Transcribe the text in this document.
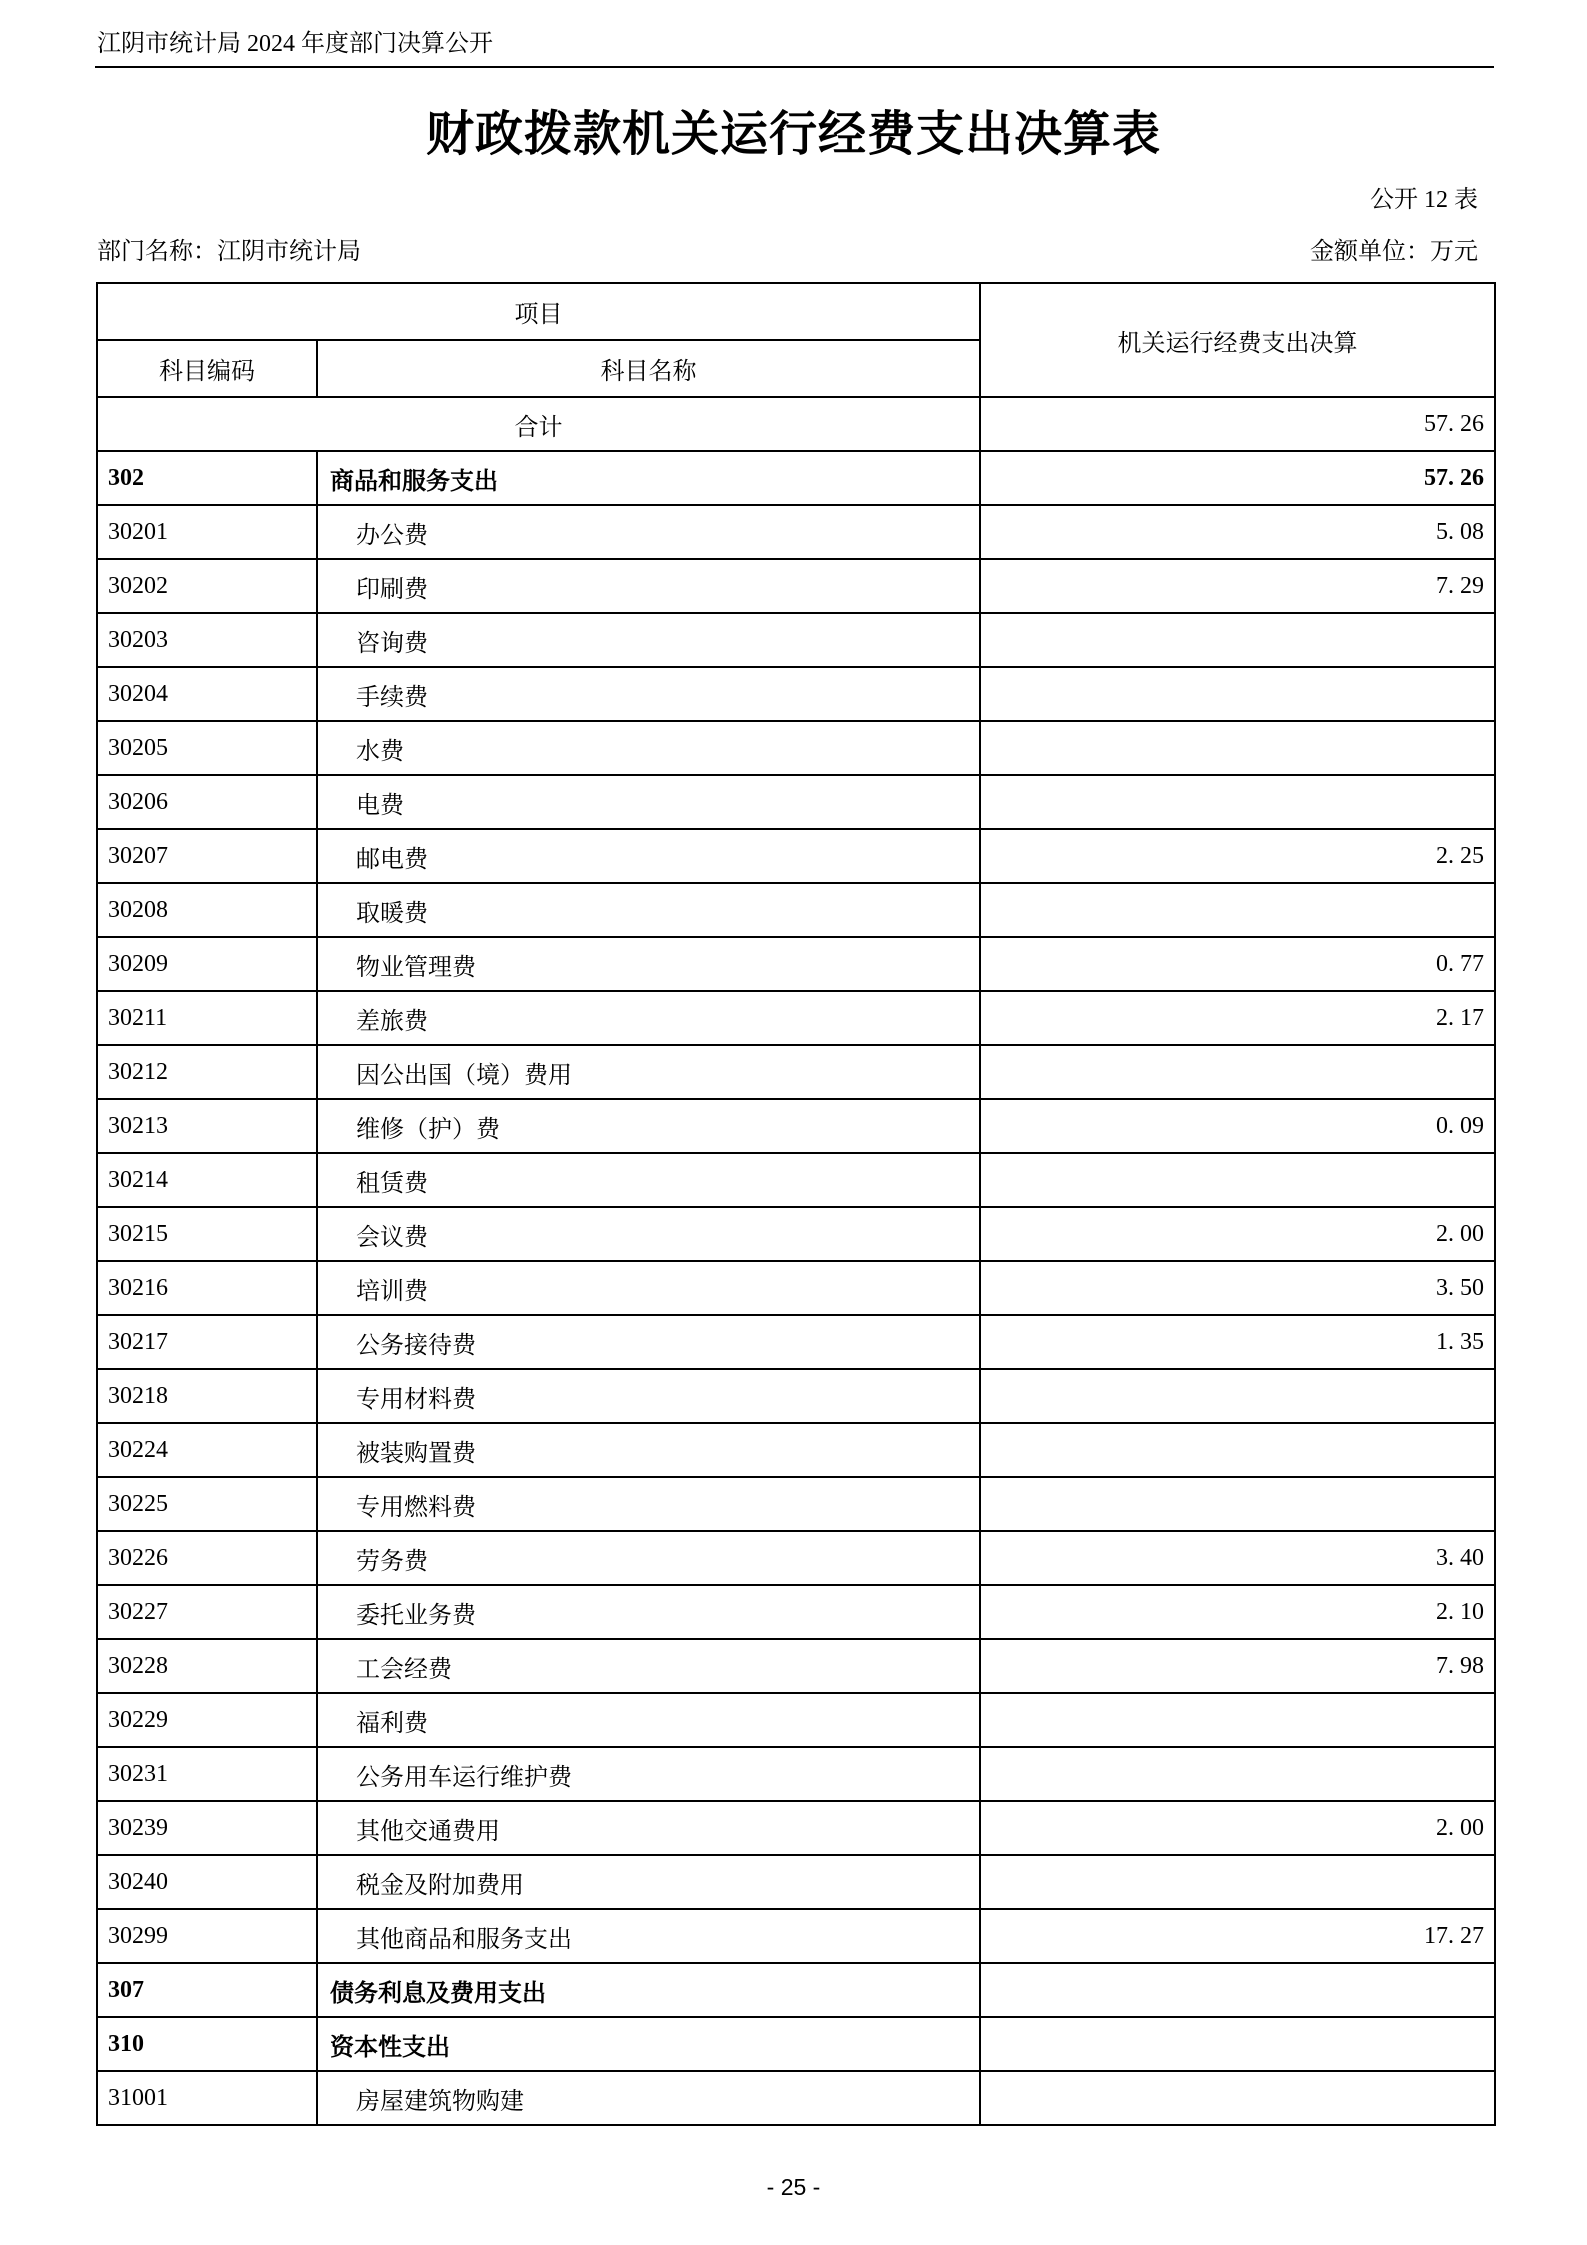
江阴市统计局 2024 年度部门决算公开
财政拨款机关运行经费支出决算表
公开 12 表
部门名称：江阴市统计局	金额单位：万元
项目		机关运行经费支出决算
科目编码	科目名称	
合计		57. 26
302	商品和服务支出	57. 26
30201	办公费	5. 08
30202	印刷费	7. 29
30203	咨询费	
30204	手续费	
30205	水费	
30206	电费	
30207	邮电费	2. 25
30208	取暖费	
30209	物业管理费	0. 77
30211	差旅费	2. 17
30212	因公出国（境）费用	
30213	维修（护）费	0. 09
30214	租赁费	
30215	会议费	2. 00
30216	培训费	3. 50
30217	公务接待费	1. 35
30218	专用材料费	
30224	被装购置费	
30225	专用燃料费	
30226	劳务费	3. 40
30227	委托业务费	2. 10
30228	工会经费	7. 98
30229	福利费	
30231	公务用车运行维护费	
30239	其他交通费用	2. 00
30240	税金及附加费用	
30299	其他商品和服务支出	17. 27
307	债务利息及费用支出	
310	资本性支出	
31001	房屋建筑物购建	
- 25 -
